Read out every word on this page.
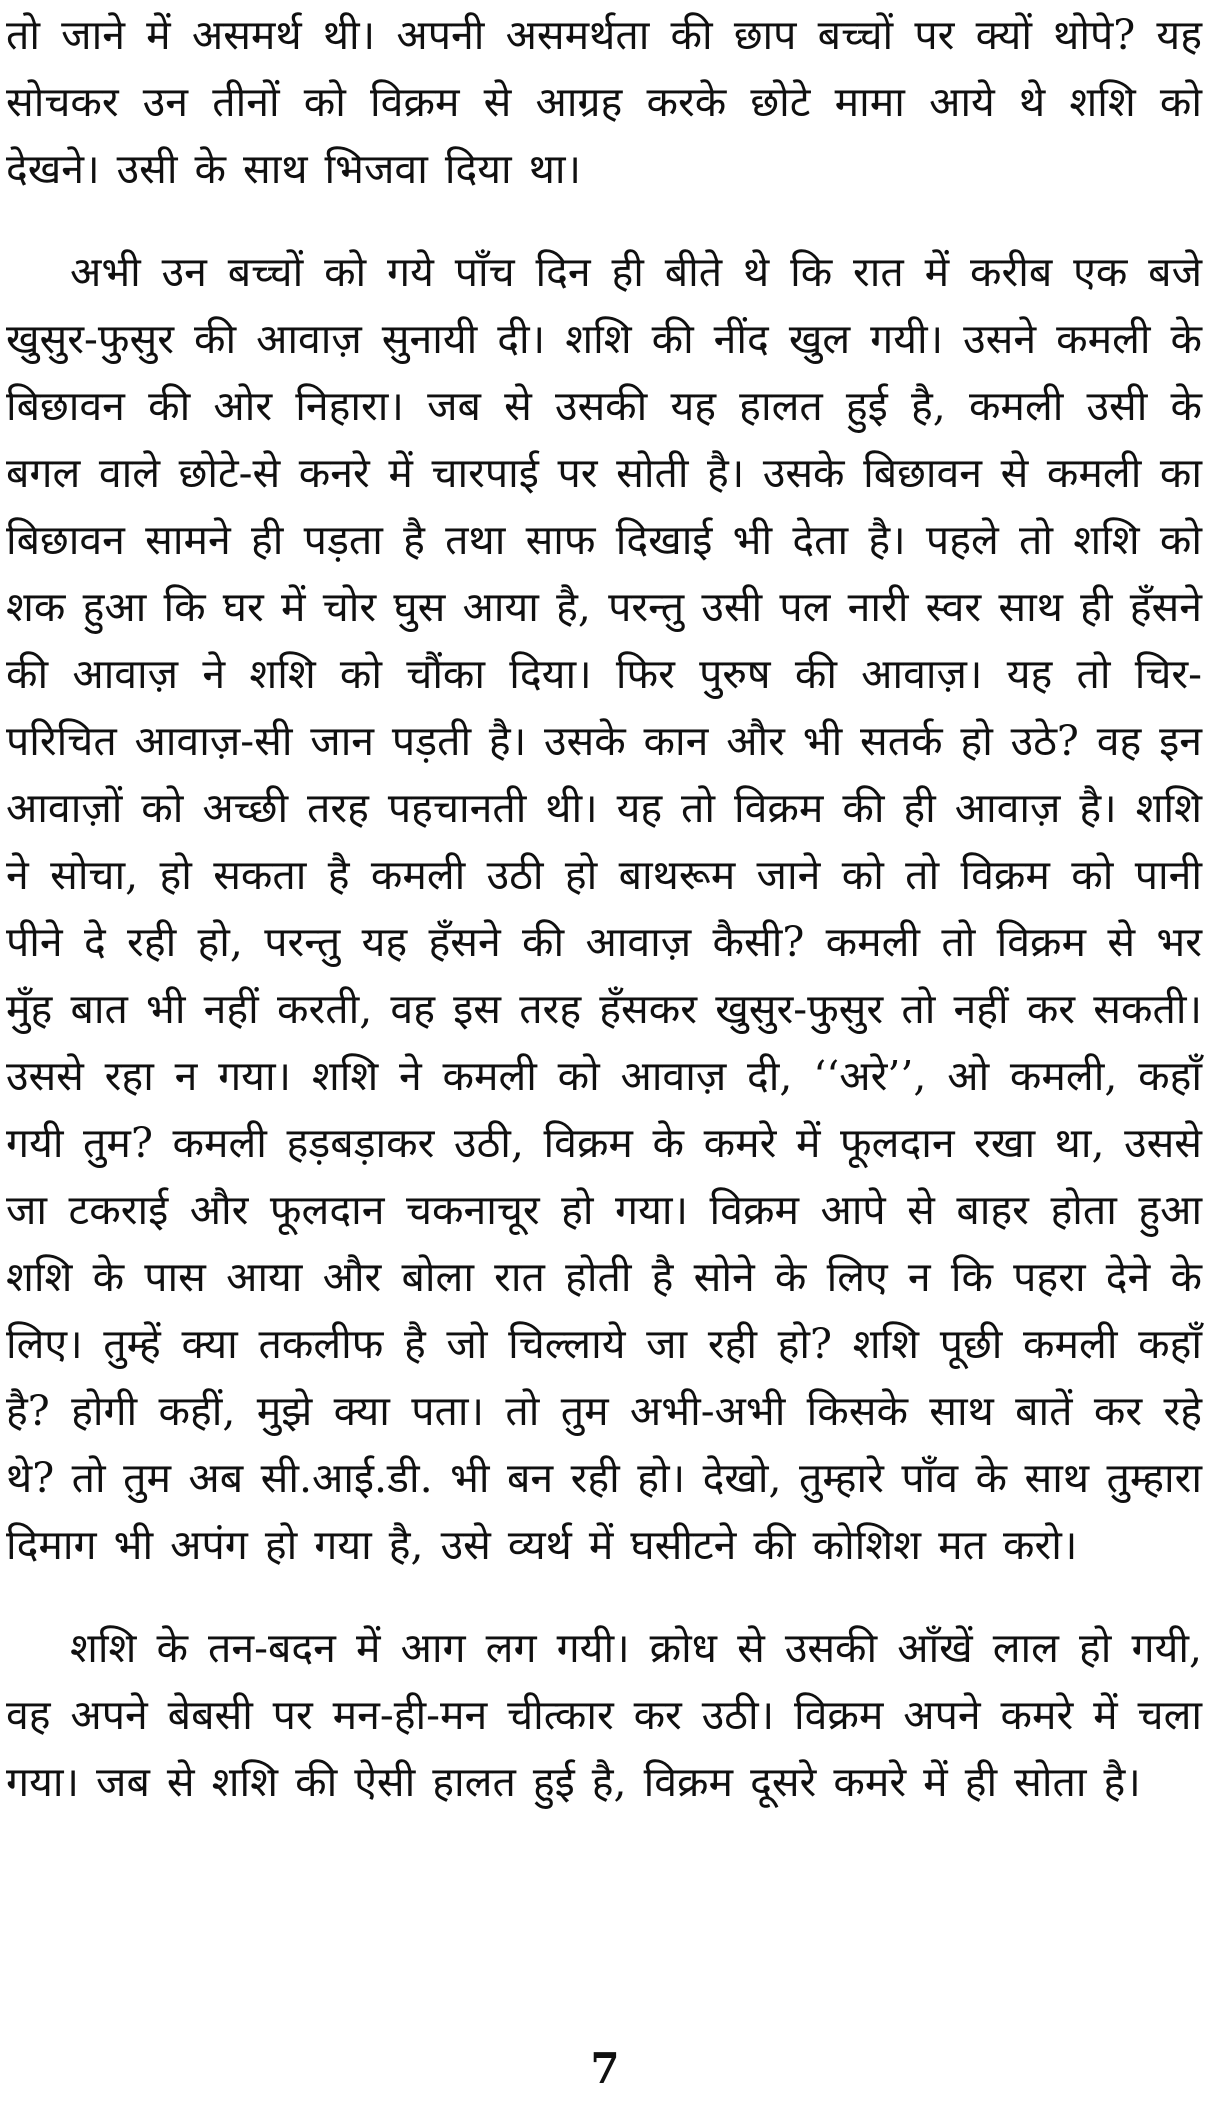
तो जाने में असमर्थ थी। अपनी असमर्थता की छाप बच्चों पर क्यों थोपे? यह सोचकर उन तीनों को विक्रम से आग्रह करके छोटे मामा आये थे शशि को देखने। उसी के साथ भिजवा दिया था।

अभी उन बच्चों को गये पाँच दिन ही बीते थे कि रात में करीब एक बजे खुसुर-फुसुर की आवाज़ सुनायी दी। शशि की नींद खुल गयी। उसने कमली के बिछावन की ओर निहारा। जब से उसकी यह हालत हुई है, कमली उसी के बगल वाले छोटे-से कनरे में चारपाई पर सोती है। उसके बिछावन से कमली का बिछावन सामने ही पड़ता है तथा साफ दिखाई भी देता है। पहले तो शशि को शक हुआ कि घर में चोर घुस आया है, परन्तु उसी पल नारी स्वर साथ ही हँसने की आवाज़ ने शशि को चौंका दिया। फिर पुरुष की आवाज़। यह तो चिर-परिचित आवाज़-सी जान पड़ती है। उसके कान और भी सतर्क हो उठे? वह इन आवाज़ों को अच्छी तरह पहचानती थी। यह तो विक्रम की ही आवाज़ है। शशि ने सोचा, हो सकता है कमली उठी हो बाथरूम जाने को तो विक्रम को पानी पीने दे रही हो, परन्तु यह हँसने की आवाज़ कैसी? कमली तो विक्रम से भर मुँह बात भी नहीं करती, वह इस तरह हँसकर खुसुर-फुसुर तो नहीं कर सकती। उससे रहा न गया। शशि ने कमली को आवाज़ दी, ‘‘अरे’’, ओ कमली, कहाँ गयी तुम? कमली हड़बड़ाकर उठी, विक्रम के कमरे में फूलदान रखा था, उससे जा टकराई और फूलदान चकनाचूर हो गया। विक्रम आपे से बाहर होता हुआ शशि के पास आया और बोला रात होती है सोने के लिए न कि पहरा देने के लिए। तुम्हें क्या तकलीफ है जो चिल्लाये जा रही हो? शशि पूछी कमली कहाँ है? होगी कहीं, मुझे क्या पता। तो तुम अभी-अभी किसके साथ बातें कर रहे थे? तो तुम अब सी.आई.डी. भी बन रही हो। देखो, तुम्हारे पाँव के साथ तुम्हारा दिमाग भी अपंग हो गया है, उसे व्यर्थ में घसीटने की कोशिश मत करो।

शशि के तन-बदन में आग लग गयी। क्रोध से उसकी आँखें लाल हो गयी, वह अपने बेबसी पर मन-ही-मन चीत्कार कर उठी। विक्रम अपने कमरे में चला गया। जब से शशि की ऐसी हालत हुई है, विक्रम दूसरे कमरे में ही सोता है।

7
